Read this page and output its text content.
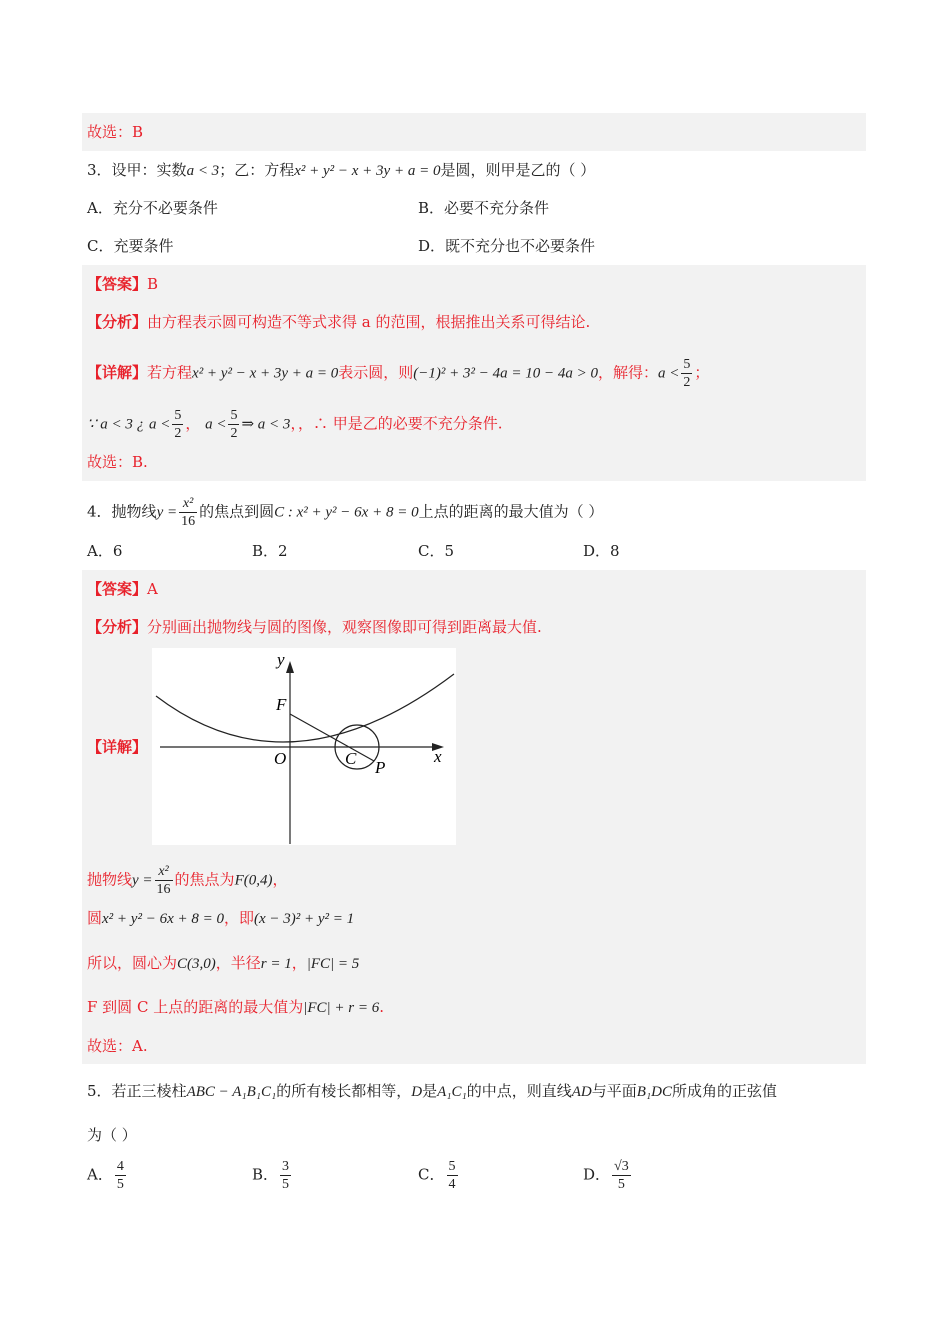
故选：B
3．设甲：实数a < 3；乙：方程x² + y² − x + 3y + a = 0是圆，则甲是乙的（ ）
A．充分不必要条件	B．必要不充分条件
C．充要条件	D．既不充分也不必要条件
【答案】B
【分析】由方程表示圆可构造不等式求得 a 的范围，根据推出关系可得结论.
【详解】若方程x² + y² − x + 3y + a = 0表示圆，则(−1)² + 3² − 4a = 10 − 4a > 0，解得：$a < \frac{5}{2}$ ；
∵ a < 3 ¿ $a < \frac{5}{2}$ ， $a < \frac{5}{2}$ ⇒ a < 3，，∴ 甲是乙的必要不充分条件.
故选：B.
4．抛物线$y = \frac{\text{x²}}{16}$ 的焦点到圆C : x² + y² − 6x + 8 = 0上点的距离的最大值为（ ）
A．6	B．2	C．5	D．8
【答案】A
【分析】分别画出抛物线与圆的图像，观察图像即可得到距离最大值.
【详解】
F
y
x
O	C P
抛物线$y = \frac{\text{x²}}{16}$ 的焦点为F(0,4)，
圆x² + y² − 6x + 8 = 0，即(x − 3)² + y² = 1
所以，圆心为C(3,0)，半径r = 1，|FC| = 5
F 到圆 C 上点的距离的最大值为|FC| + r = 6.
故选：A.
5．若正三棱柱ABC − A₁B₁C₁的所有棱长都相等，D是A₁C₁的中点，则直线AD与平面B₁DC所成角的正弦值
为（ ）
A． $\frac{4}{5}$	B． $\frac{3}{5}$	C． $\frac{5}{4}$	D． $\frac{√3}{5}$
